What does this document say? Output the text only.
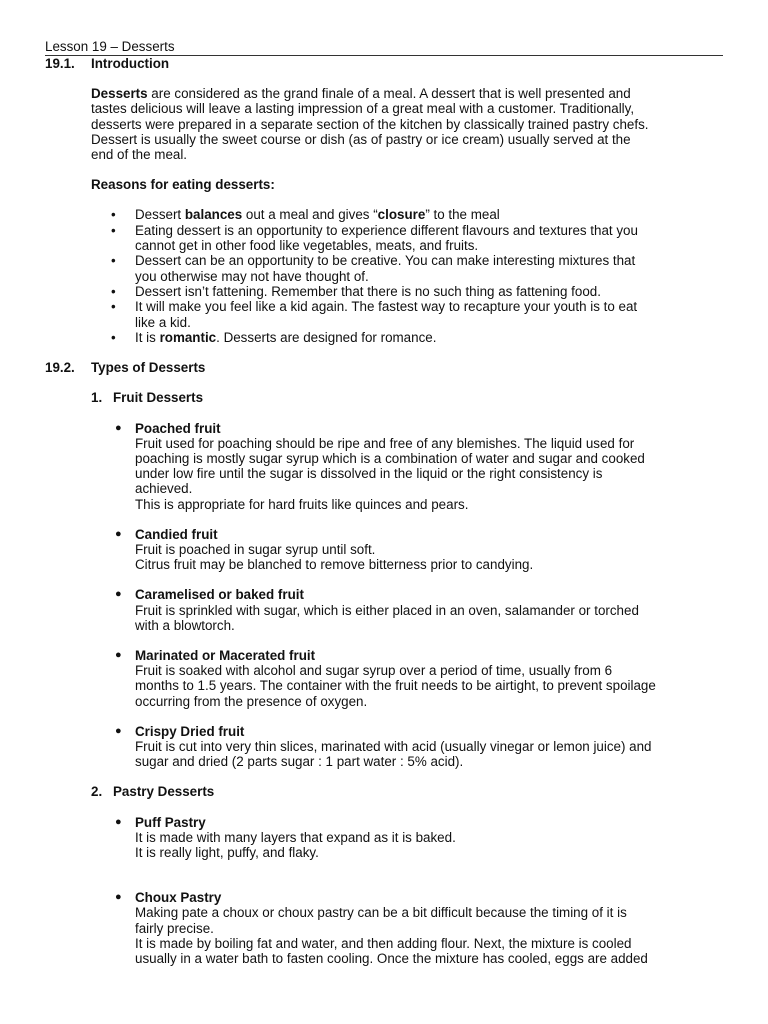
Lesson 19 – Desserts
19.1.	Introduction
Desserts are considered as the grand finale of a meal. A dessert that is well presented and
tastes delicious will leave a lasting impression of a great meal with a customer. Traditionally,
desserts were prepared in a separate section of the kitchen by classically trained pastry chefs.
Dessert is usually the sweet course or dish (as of pastry or ice cream) usually served at the
end of the meal.
Reasons for eating desserts:
• Dessert balances out a meal and gives “closure” to the meal
• Eating dessert is an opportunity to experience different flavours and textures that you
cannot get in other food like vegetables, meats, and fruits.
• Dessert can be an opportunity to be creative. You can make interesting mixtures that
you otherwise may not have thought of.
• Dessert isn’t fattening. Remember that there is no such thing as fattening food.
• It will make you feel like a kid again. The fastest way to recapture your youth is to eat
like a kid.
• It is romantic. Desserts are designed for romance.
19.2.	Types of Desserts
1. Fruit Desserts
● Poached fruit
Fruit used for poaching should be ripe and free of any blemishes. The liquid used for
poaching is mostly sugar syrup which is a combination of water and sugar and cooked
under low fire until the sugar is dissolved in the liquid or the right consistency is
achieved.
This is appropriate for hard fruits like quinces and pears.
● Candied fruit
Fruit is poached in sugar syrup until soft.
Citrus fruit may be blanched to remove bitterness prior to candying.
● Caramelised or baked fruit
Fruit is sprinkled with sugar, which is either placed in an oven, salamander or torched
with a blowtorch.
● Marinated or Macerated fruit
Fruit is soaked with alcohol and sugar syrup over a period of time, usually from 6
months to 1.5 years. The container with the fruit needs to be airtight, to prevent spoilage
occurring from the presence of oxygen.
● Crispy Dried fruit
Fruit is cut into very thin slices, marinated with acid (usually vinegar or lemon juice) and
sugar and dried (2 parts sugar : 1 part water : 5% acid).
2. Pastry Desserts
● Puff Pastry
It is made with many layers that expand as it is baked.
It is really light, puffy, and flaky.
● Choux Pastry
Making pate a choux or choux pastry can be a bit difficult because the timing of it is
fairly precise.
It is made by boiling fat and water, and then adding flour. Next, the mixture is cooled
usually in a water bath to fasten cooling. Once the mixture has cooled, eggs are added
